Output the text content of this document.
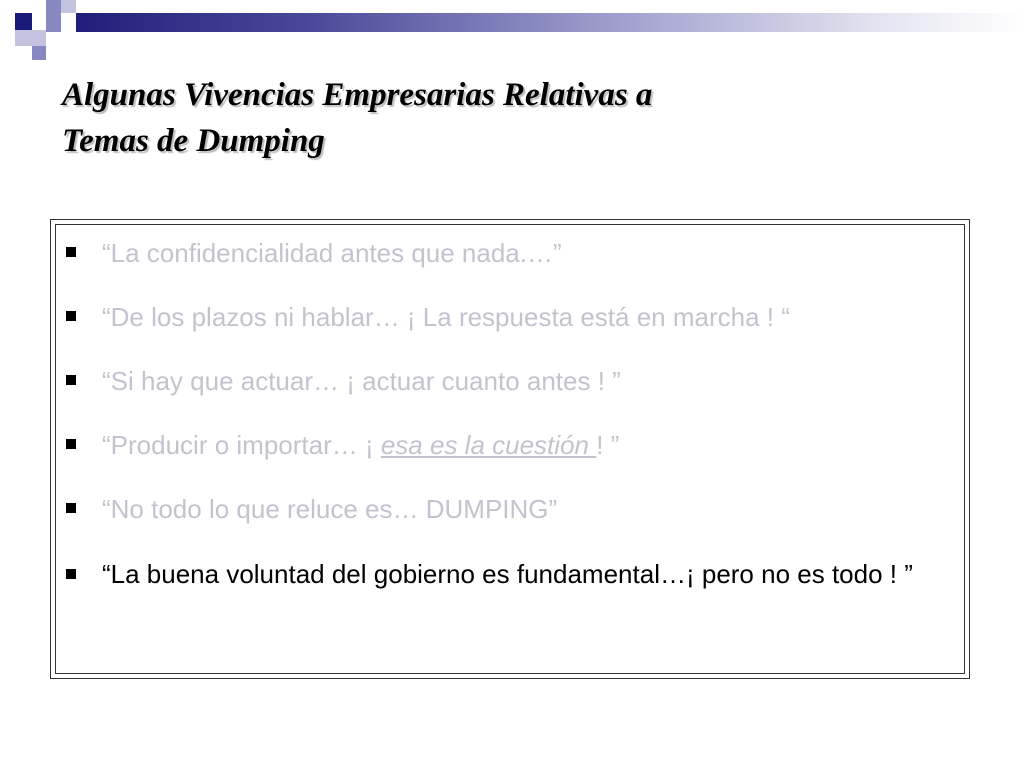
Algunas Vivencias Empresarias Relativas a
Temas de Dumping
“La confidencialidad antes que nada.…”
“De los plazos ni hablar… ¡ La respuesta está en marcha ! “
“Si hay que actuar… ¡ actuar cuanto antes ! ”
“Producir o importar… ¡ esa es la cuestión ! ”
“No todo lo que reluce es… DUMPING”
“La buena voluntad del gobierno es fundamental…¡ pero no es todo ! ”
